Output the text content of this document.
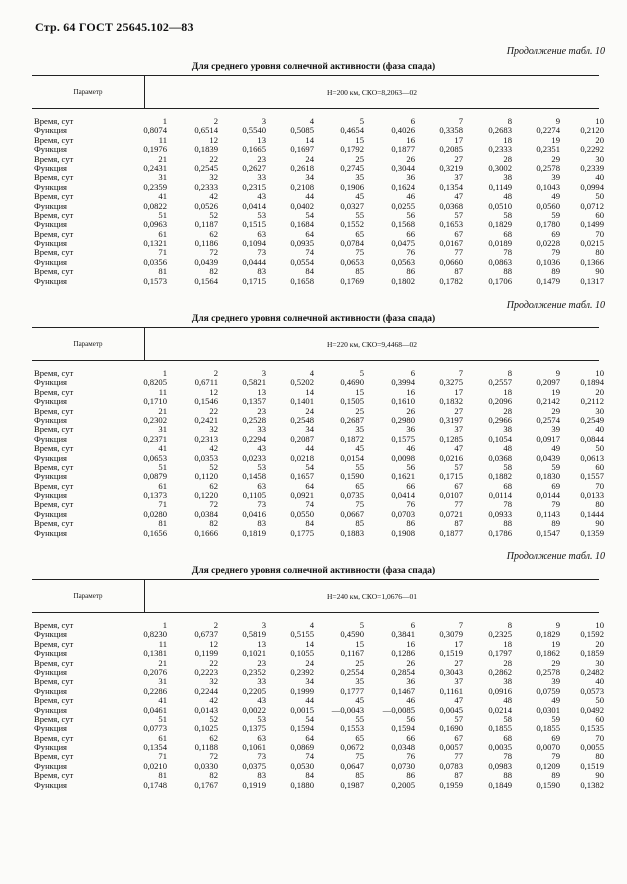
Стр. 64 ГОСТ 25645.102—83
Продолжение табл. 10
Для среднего уровня солнечной активности (фаза спада)
Параметр	H=200 км, СКО=8,2063—02
Время, сут	1	2	3	4	5	6	7	8	9	10
Функция	0,8074	0,6514	0,5540	0,5085	0,4654	0,4026	0,3358	0,2683	0,2274	0,2120
Время, сут	11	12	13	14	15	16	17	18	19	20
Функция	0,1976	0,1839	0,1665	0,1697	0,1792	0,1877	0,2085	0,2333	0,2351	0,2292
Время, сут	21	22	23	24	25	26	27	28	29	30
Функция	0,2431	0,2545	0,2627	0,2618	0,2745	0,3044	0,3219	0,3002	0,2578	0,2339
Время, сут	31	32	33	34	35	36	37	38	39	40
Функция	0,2359	0,2333	0,2315	0,2108	0,1906	0,1624	0,1354	0,1149	0,1043	0,0994
Время, сут	41	42	43	44	45	46	47	48	49	50
Функция	0,0822	0,0526	0,0414	0,0402	0,0327	0,0255	0,0368	0,0510	0,0560	0,0712
Время, сут	51	52	53	54	55	56	57	58	59	60
Функция	0,0963	0,1187	0,1515	0,1684	0,1552	0,1568	0,1653	0,1829	0,1780	0,1499
Время, сут	61	62	63	64	65	66	67	68	69	70
Функция	0,1321	0,1186	0,1094	0,0935	0,0784	0,0475	0,0167	0,0189	0,0228	0,0215
Время, сут	71	72	73	74	75	76	77	78	79	80
Функция	0,0356	0,0439	0,0444	0,0554	0,0653	0,0563	0,0660	0,0863	0,1036	0,1366
Время, сут	81	82	83	84	85	86	87	88	89	90
Функция	0,1573	0,1564	0,1715	0,1658	0,1769	0,1802	0,1782	0,1706	0,1479	0,1317
Продолжение табл. 10
Для среднего уровня солнечной активности (фаза спада)
Параметр	H=220 км, СКО=9,4468—02
Время, сут	1	2	3	4	5	6	7	8	9	10
Функция	0,8205	0,6711	0,5821	0,5202	0,4690	0,3994	0,3275	0,2557	0,2097	0,1894
Время, сут	11	12	13	14	15	16	17	18	19	20
Функция	0,1710	0,1546	0,1357	0,1401	0,1505	0,1610	0,1832	0,2096	0,2142	0,2112
Время, сут	21	22	23	24	25	26	27	28	29	30
Функция	0,2302	0,2421	0,2528	0,2548	0,2687	0,2980	0,3197	0,2966	0,2574	0,2549
Время, сут	31	32	33	34	35	36	37	38	39	40
Функция	0,2371	0,2313	0,2294	0,2087	0,1872	0,1575	0,1285	0,1054	0,0917	0,0844
Время, сут	41	42	43	44	45	46	47	48	49	50
Функция	0,0653	0,0353	0,0233	0,0218	0,0154	0,0098	0,0216	0,0368	0,0439	0,0613
Время, сут	51	52	53	54	55	56	57	58	59	60
Функция	0,0879	0,1120	0,1458	0,1657	0,1590	0,1621	0,1715	0,1882	0,1830	0,1557
Время, сут	61	62	63	64	65	66	67	68	69	70
Функция	0,1373	0,1220	0,1105	0,0921	0,0735	0,0414	0,0107	0,0114	0,0144	0,0133
Время, сут	71	72	73	74	75	76	77	78	79	80
Функция	0,0280	0,0384	0,0416	0,0550	0,0667	0,0703	0,0721	0,0933	0,1143	0,1444
Время, сут	81	82	83	84	85	86	87	88	89	90
Функция	0,1656	0,1666	0,1819	0,1775	0,1883	0,1908	0,1877	0,1786	0,1547	0,1359
Продолжение табл. 10
Для среднего уровня солнечной активности (фаза спада)
Параметр	H=240 км, СКО=1,0676—01
Время, сут	1	2	3	4	5	6	7	8	9	10
Функция	0,8230	0,6737	0,5819	0,5155	0,4590	0,3841	0,3079	0,2325	0,1829	0,1592
Время, сут	11	12	13	14	15	16	17	18	19	20
Функция	0,1381	0,1199	0,1021	0,1055	0,1167	0,1286	0,1519	0,1797	0,1862	0,1859
Время, сут	21	22	23	24	25	26	27	28	29	30
Функция	0,2076	0,2223	0,2352	0,2392	0,2554	0,2854	0,3043	0,2862	0,2578	0,2482
Время, сут	31	32	33	34	35	36	37	38	39	40
Функция	0,2286	0,2244	0,2205	0,1999	0,1777	0,1467	0,1161	0,0916	0,0759	0,0573
Время, сут	41	42	43	44	45	46	47	48	49	50
Функция	0,0461	0,0143	0,0022	0,0015	—0,0043	—0,0085	0,0045	0,0214	0,0301	0,0492
Время, сут	51	52	53	54	55	56	57	58	59	60
Функция	0,0773	0,1025	0,1375	0,1594	0,1553	0,1594	0,1690	0,1855	0,1855	0,1535
Время, сут	61	62	63	64	65	66	67	68	69	70
Функция	0,1354	0,1188	0,1061	0,0869	0,0672	0,0348	0,0057	0,0035	0,0070	0,0055
Время, сут	71	72	73	74	75	76	77	78	79	80
Функция	0,0210	0,0330	0,0375	0,0530	0,0647	0,0730	0,0783	0,0983	0,1209	0,1519
Время, сут	81	82	83	84	85	86	87	88	89	90
Функция	0,1748	0,1767	0,1919	0,1880	0,1987	0,2005	0,1959	0,1849	0,1590	0,1382
